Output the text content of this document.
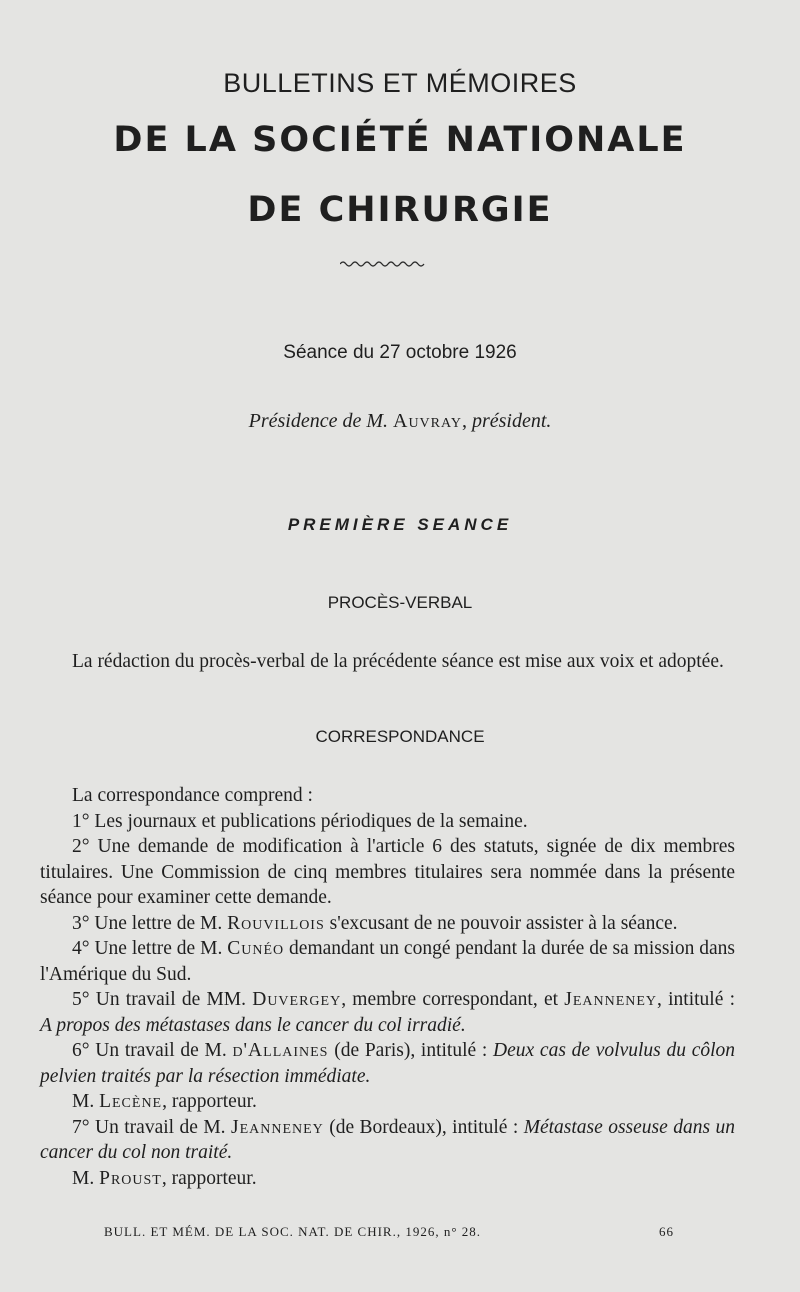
BULLETINS ET MÉMOIRES
DE LA SOCIÉTÉ NATIONALE
DE CHIRURGIE
Séance du 27 octobre 1926
Présidence de M. Auvray, président.
PREMIÈRE SEANCE
PROCÈS-VERBAL

La rédaction du procès-verbal de la précédente séance est mise aux voix et adoptée.

CORRESPONDANCE

La correspondance comprend :

1° Les journaux et publications périodiques de la semaine.

2° Une demande de modification à l'article 6 des statuts, signée de dix membres titulaires. Une Commission de cinq membres titulaires sera nommée dans la présente séance pour examiner cette demande.

3° Une lettre de M. Rouvillois s'excusant de ne pouvoir assister à la séance.

4° Une lettre de M. Cunéo demandant un congé pendant la durée de sa mission dans l'Amérique du Sud.

5° Un travail de MM. Duvergey, membre correspondant, et Jeanneney, intitulé : A propos des métastases dans le cancer du col irradié.

6° Un travail de M. d'Allaines (de Paris), intitulé : Deux cas de volvulus du côlon pelvien traités par la résection immédiate.

M. Lecène, rapporteur.

7° Un travail de M. Jeanneney (de Bordeaux), intitulé : Métastase osseuse dans un cancer du col non traité.

M. Proust, rapporteur.

BULL. ET MÉM. DE LA SOC. NAT. DE CHIR., 1926, n° 28.	66
